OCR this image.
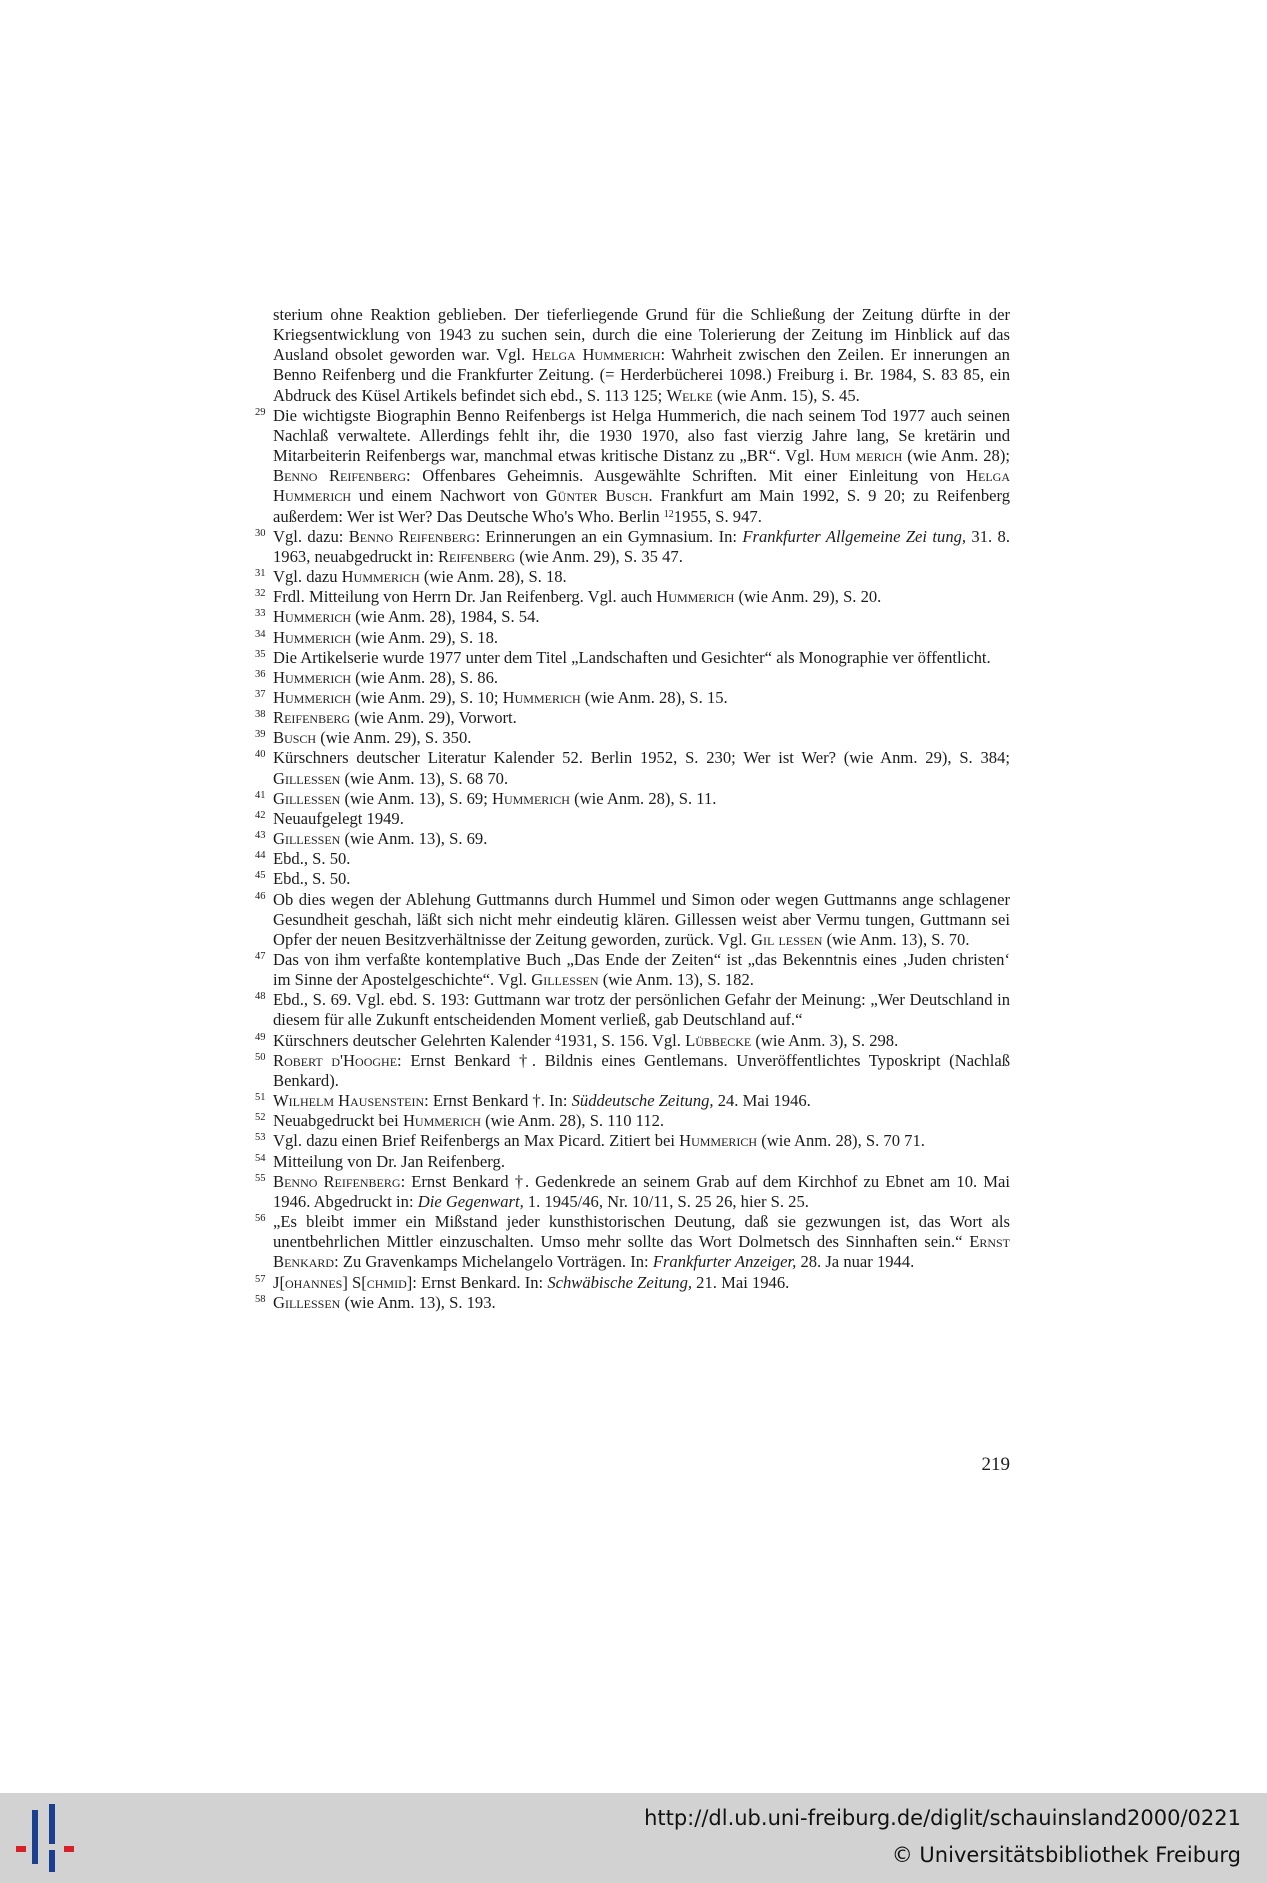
sterium ohne Reaktion geblieben. Der tieferliegende Grund für die Schließung der Zeitung dürfte in der Kriegsentwicklung von 1943 zu suchen sein, durch die eine Tolerierung der Zeitung im Hinblick auf das Ausland obsolet geworden war. Vgl. Helga Hummerich: Wahrheit zwischen den Zeilen. Er innerungen an Benno Reifenberg und die Frankfurter Zeitung. (= Herderbücherei 1098.) Freiburg i. Br. 1984, S. 83 85, ein Abdruck des Küsel Artikels befindet sich ebd., S. 113 125; Welke (wie Anm. 15), S. 45.

29 Die wichtigste Biographin Benno Reifenbergs ist Helga Hummerich, die nach seinem Tod 1977 auch seinen Nachlaß verwaltete. Allerdings fehlt ihr, die 1930 1970, also fast vierzig Jahre lang, Se kretärin und Mitarbeiterin Reifenbergs war, manchmal etwas kritische Distanz zu „BR“. Vgl. Hum merich (wie Anm. 28); Benno Reifenberg: Offenbares Geheimnis. Ausgewählte Schriften. Mit einer Einleitung von Helga Hummerich und einem Nachwort von Günter Busch. Frankfurt am Main 1992, S. 9 20; zu Reifenberg außerdem: Wer ist Wer? Das Deutsche Who's Who. Berlin $^{12}$1955, S. 947.

30 Vgl. dazu: Benno Reifenberg: Erinnerungen an ein Gymnasium. In: Frankfurter Allgemeine Zei tung, 31. 8. 1963, neuabgedruckt in: Reifenberg (wie Anm. 29), S. 35 47.

31 Vgl. dazu Hummerich (wie Anm. 28), S. 18.

32 Frdl. Mitteilung von Herrn Dr. Jan Reifenberg. Vgl. auch Hummerich (wie Anm. 29), S. 20.

33 Hummerich (wie Anm. 28), 1984, S. 54.

34 Hummerich (wie Anm. 29), S. 18.

35 Die Artikelserie wurde 1977 unter dem Titel „Landschaften und Gesichter“ als Monographie ver öffentlicht.

36 Hummerich (wie Anm. 28), S. 86.

37 Hummerich (wie Anm. 29), S. 10; Hummerich (wie Anm. 28), S. 15.

38 Reifenberg (wie Anm. 29), Vorwort.

39 Busch (wie Anm. 29), S. 350.

40 Kürschners deutscher Literatur Kalender 52. Berlin 1952, S. 230; Wer ist Wer? (wie Anm. 29), S. 384; Gillessen (wie Anm. 13), S. 68 70.

41 Gillessen (wie Anm. 13), S. 69; Hummerich (wie Anm. 28), S. 11.

42 Neuaufgelegt 1949.

43 Gillessen (wie Anm. 13), S. 69.

44 Ebd., S. 50.

45 Ebd., S. 50.

46 Ob dies wegen der Ablehung Guttmanns durch Hummel und Simon oder wegen Guttmanns ange schlagener Gesundheit geschah, läßt sich nicht mehr eindeutig klären. Gillessen weist aber Vermu tungen, Guttmann sei Opfer der neuen Besitzverhältnisse der Zeitung geworden, zurück. Vgl. Gil lessen (wie Anm. 13), S. 70.

47 Das von ihm verfaßte kontemplative Buch „Das Ende der Zeiten“ ist „das Bekenntnis eines ‚Juden christen‘ im Sinne der Apostelgeschichte“. Vgl. Gillessen (wie Anm. 13), S. 182.

48 Ebd., S. 69. Vgl. ebd. S. 193: Guttmann war trotz der persönlichen Gefahr der Meinung: „Wer Deutschland in diesem für alle Zukunft entscheidenden Moment verließ, gab Deutschland auf.“

49 Kürschners deutscher Gelehrten Kalender $^4$1931, S. 156. Vgl. Lübbecke (wie Anm. 3), S. 298.

50 Robert d'Hooghe: Ernst Benkard †. Bildnis eines Gentlemans. Unveröffentlichtes Typoskript (Nachlaß Benkard).

51 Wilhelm Hausenstein: Ernst Benkard †. In: Süddeutsche Zeitung, 24. Mai 1946.

52 Neuabgedruckt bei Hummerich (wie Anm. 28), S. 110 112.

53 Vgl. dazu einen Brief Reifenbergs an Max Picard. Zitiert bei Hummerich (wie Anm. 28), S. 70 71.

54 Mitteilung von Dr. Jan Reifenberg.

55 Benno Reifenberg: Ernst Benkard †. Gedenkrede an seinem Grab auf dem Kirchhof zu Ebnet am 10. Mai 1946. Abgedruckt in: Die Gegenwart, 1. 1945/46, Nr. 10/11, S. 25 26, hier S. 25.

56 „Es bleibt immer ein Mißstand jeder kunsthistorischen Deutung, daß sie gezwungen ist, das Wort als unentbehrlichen Mittler einzuschalten. Umso mehr sollte das Wort Dolmetsch des Sinnhaften sein.“ Ernst Benkard: Zu Gravenkamps Michelangelo Vorträgen. In: Frankfurter Anzeiger, 28. Ja nuar 1944.

57 J[ohannes] S[chmid]: Ernst Benkard. In: Schwäbische Zeitung, 21. Mai 1946.

58 Gillessen (wie Anm. 13), S. 193.

219
http://dl.ub.uni-freiburg.de/diglit/schauinsland2000/0221
© Universitätsbibliothek Freiburg
